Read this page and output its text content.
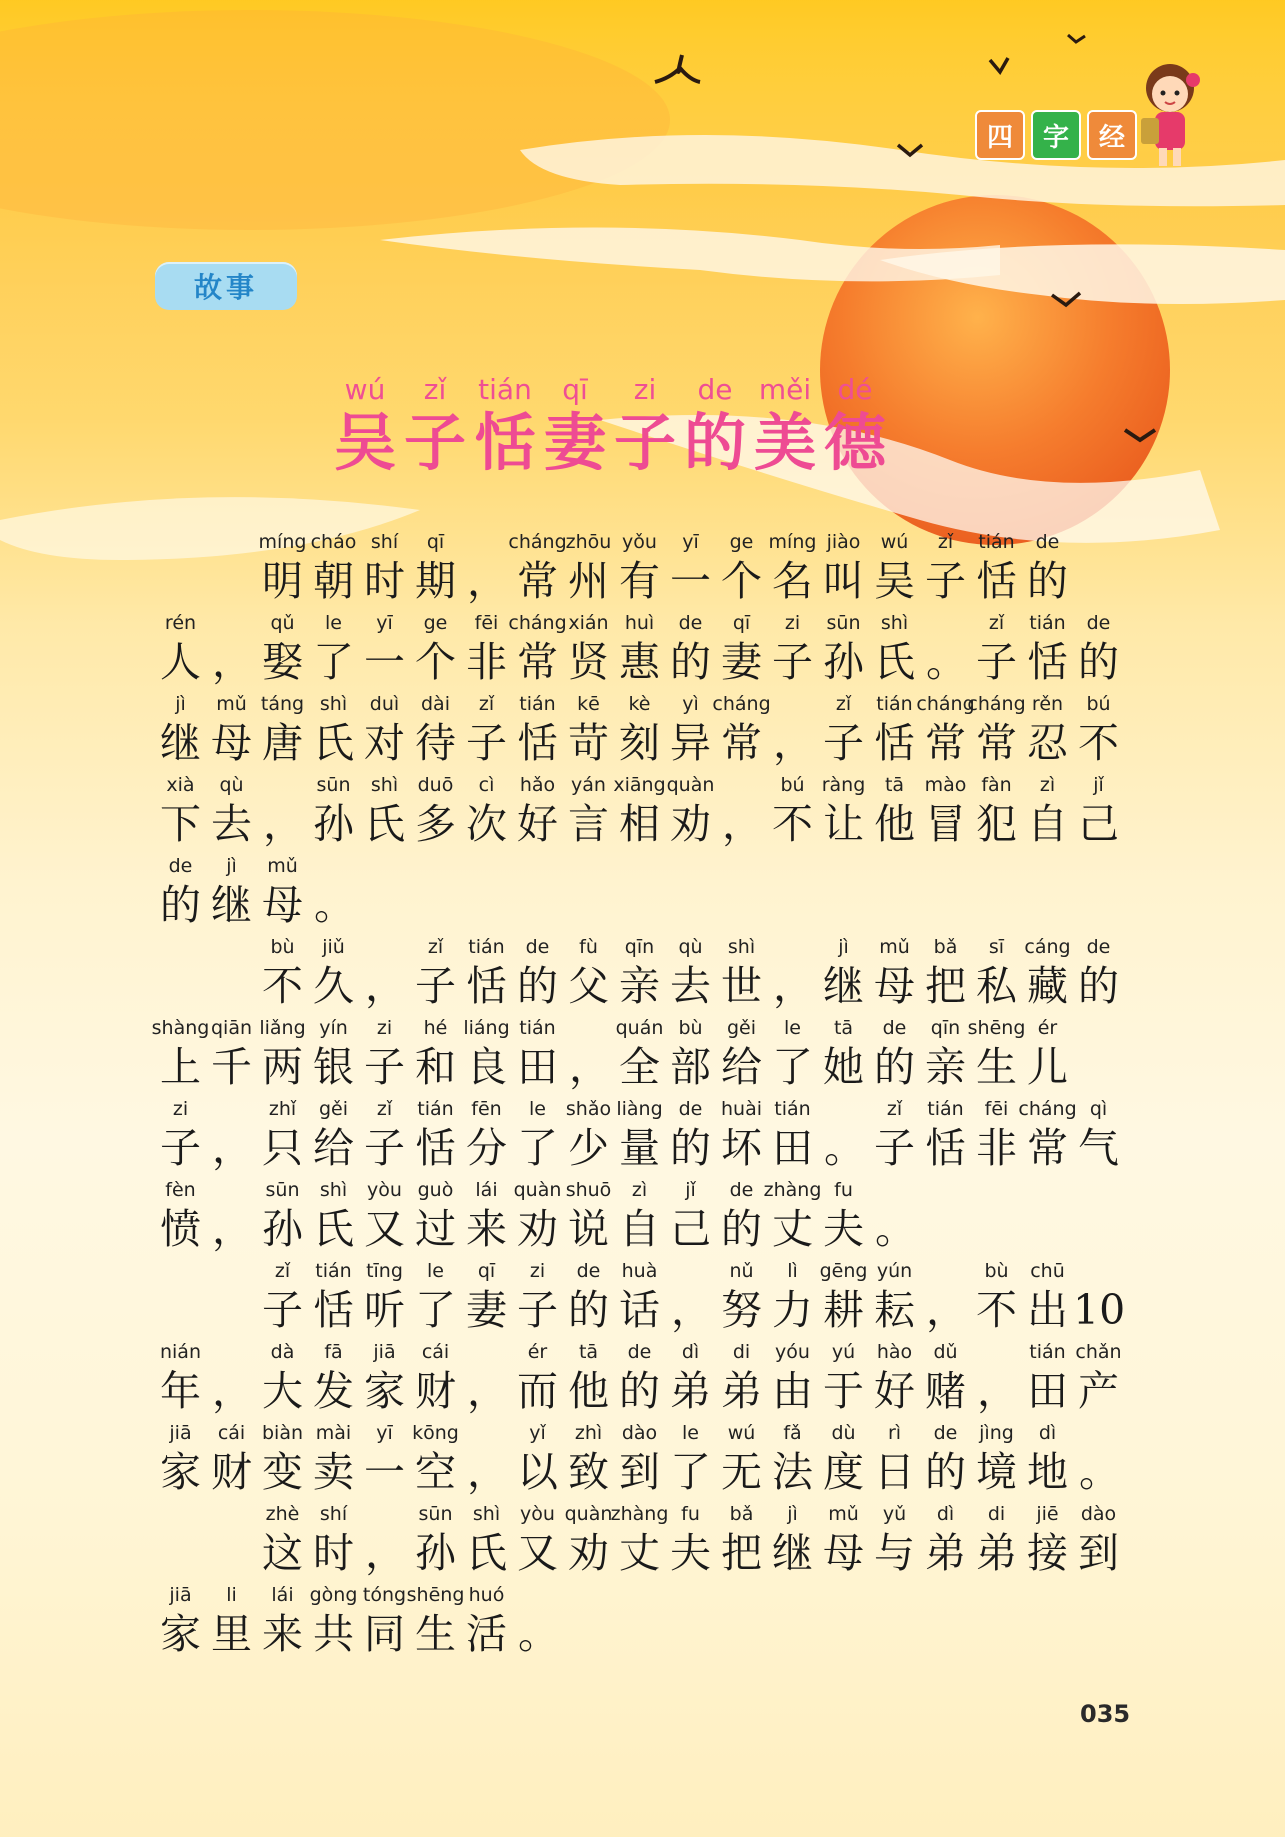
四	字	经
故事
wú
吴
zǐ
子
tián
恬
qī
妻
zi
子
de
的
měi
美
dé
德
míng
明
cháo
朝
shí
时
qī
期 ，
cháng
常
zhōu
州
yǒu
有
yī
一
ge
个
míng
名
jiào
叫
wú
吴
zǐ
子
tián
恬
de
的
rén
人 ，
qǔ
娶
le
了
yī
一
ge
个
fēi
非
cháng
常
xián
贤
huì
惠
de
的
qī
妻
zi
子
sūn
孙
shì
氏 。
zǐ
子
tián
恬
de
的
jì
继
mǔ
母
táng
唐
shì
氏
duì
对
dài
待
zǐ
子
tián
恬
kē
苛
kè
刻
yì
异
cháng
常 ，
zǐ
子
tián
恬
cháng
常
cháng
常
rěn
忍
bú
不
xià
下
qù
去 ，
sūn
孙
shì
氏
duō
多
cì
次
hǎo
好
yán
言
xiāng
相
quàn
劝 ，
bú
不
ràng
让
tā
他
mào
冒
fàn
犯
zì
自
jǐ
己
de
的
jì
继
mǔ
母 。
bù
不
jiǔ
久 ，
zǐ
子
tián
恬
de
的
fù
父
qīn
亲
qù
去
shì
世 ，
jì
继
mǔ
母
bǎ
把
sī
私
cáng
藏
de
的
shàng
上
qiān
千
liǎng
两
yín
银
zi
子
hé
和
liáng
良
tián
田 ，
quán
全
bù
部
gěi
给
le
了
tā
她
de
的
qīn
亲
shēng
生
ér
儿
zi
子 ，
zhǐ
只
gěi
给
zǐ
子
tián
恬
fēn
分
le
了
shǎo
少
liàng
量
de
的
huài
坏
tián
田 。
zǐ
子
tián
恬
fēi
非
cháng
常
qì
气
fèn
愤 ，
sūn
孙
shì
氏
yòu
又
guò
过
lái
来
quàn
劝
shuō
说
zì
自
jǐ
己
de
的
zhàng
丈
fu
夫 。
zǐ
子
tián
恬
tīng
听
le
了
qī
妻
zi
子
de
的
huà
话 ，
nǔ
努
lì
力
gēng
耕
yún
耘 ，
bù
不
chū
出 10
nián
年 ，
dà
大
fā
发
jiā
家
cái
财 ，
ér
而
tā
他
de
的
dì
弟
di
弟
yóu
由
yú
于
hào
好
dǔ
赌 ，
tián
田
chǎn
产
jiā
家
cái
财
biàn
变
mài
卖
yī
一
kōng
空 ，
yǐ
以
zhì
致
dào
到
le
了
wú
无
fǎ
法
dù
度
rì
日
de
的
jìng
境
dì
地 。
zhè
这
shí
时 ，
sūn
孙
shì
氏
yòu
又
quàn
劝
zhàng
丈
fu
夫
bǎ
把
jì
继
mǔ
母
yǔ
与
dì
弟
di
弟
jiē
接
dào
到
jiā
家
li
里
lái
来
gòng
共
tóng
同
shēng
生
huó
活 。
035
